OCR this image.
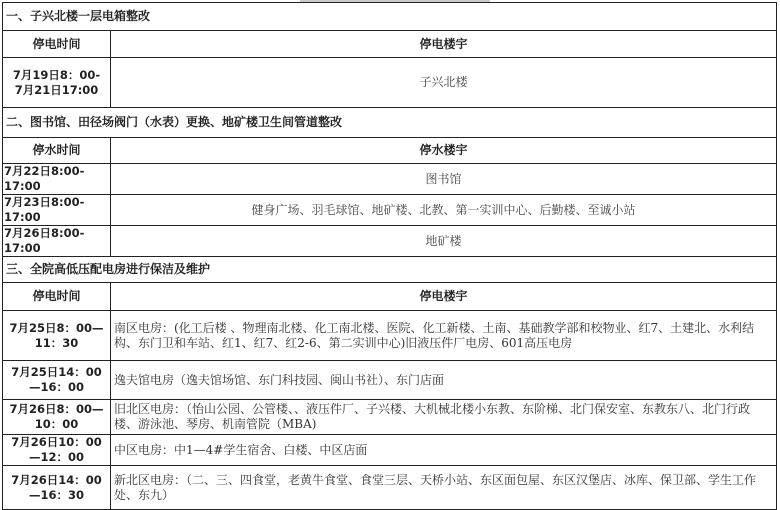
一、子兴北楼一层电箱整改	
停电时间	停电楼宇

7月19日8：00-
7月21日17:00	子兴北楼
二、图书馆、田径场阀门（水表）更换、地矿楼卫生间管道整改	
停水时间	停水楼宇
7月22日8:00-17:00	图书馆
7月23日8:00-17:00	健身广场、羽毛球馆、地矿楼、北教、第一实训中心、后勤楼、至诚小站
7月26日8:00-17:00	地矿楼
三、全院高低压配电房进行保洁及维护	
停电时间	停电楼宇
7月25日8：00—11：30	南区电房：(化工后楼 、物理南北楼、化工南北楼、医院、化工新楼、土南、基础教学部和校物业、红7、土建北、水利结构、东门卫和车站、红1、红7、红2-6、第二实训中心)旧液压件厂电房、601高压电房
7月25日14：00—16：00	逸夫馆电房（逸夫馆场馆、东门科技园、闽山书社）、东门店面
7月26日8：00—10：00	旧北区电房：（怡山公园、公管楼、、液压件厂、子兴楼、大机械北楼小东教、东阶梯、北门保安室、东教东八、北门行政楼、游泳池、琴房、机南管院（MBA)
7月26日10：00—12：00	中区电房：中1—4#学生宿舍、白楼、中区店面
7月26日14：00—16：30	新北区电房：（二、三、四食堂，老黄牛食堂、食堂三层、天桥小站、东区面包屋、东区汉堡店、冰库、保卫部、学生工作处、东九）
